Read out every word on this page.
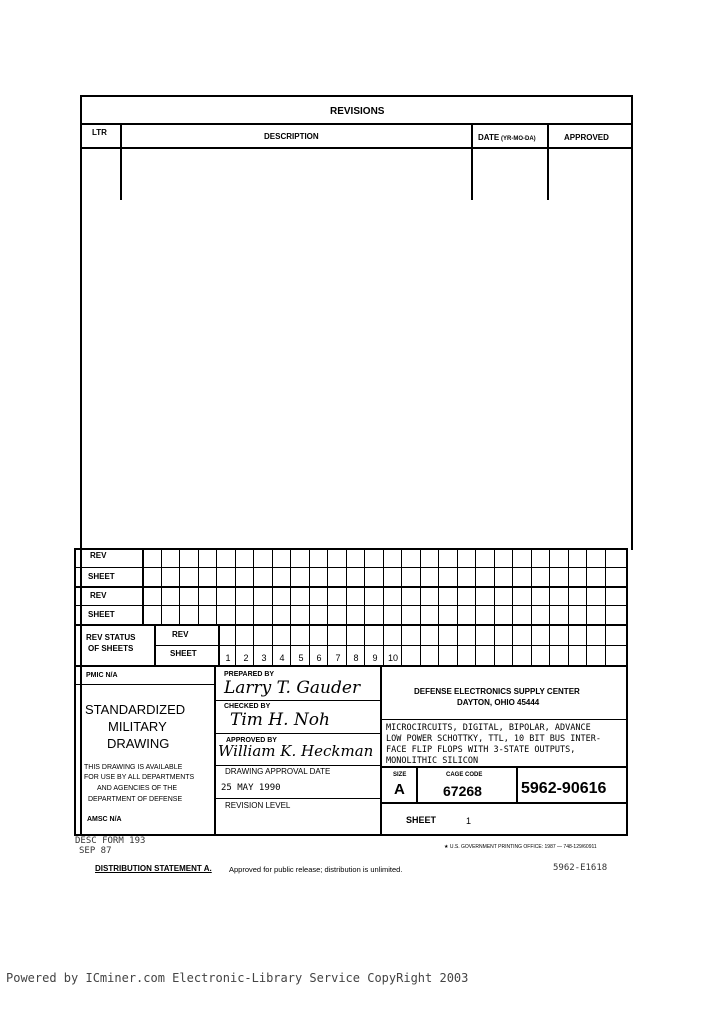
REVISIONS
LTR	DESCRIPTION	DATE (YR-MO-DA)	APPROVED
REV
SHEET
REV
SHEET
REV STATUS
OF SHEETS
REV
SHEET	1	2	3	4	5	6	7	8	9	10
PMIC N/A
STANDARDIZED
MILITARY
DRAWING
THIS DRAWING IS AVAILABLE
FOR USE BY ALL DEPARTMENTS
AND AGENCIES OF THE
DEPARTMENT OF DEFENSE
AMSC N/A
PREPARED BY
Larry T. Gauder
CHECKED BY
Tim H. Noh
APPROVED BY
William K. Heckman
DRAWING APPROVAL DATE
25 MAY 1990
REVISION LEVEL
DEFENSE ELECTRONICS SUPPLY CENTER
DAYTON, OHIO 45444
MICROCIRCUITS, DIGITAL, BIPOLAR, ADVANCE
LOW POWER SCHOTTKY, TTL, 10 BIT BUS INTER-
FACE FLIP FLOPS WITH 3-STATE OUTPUTS,
MONOLITHIC SILICON
SIZE
A
CAGE CODE
67268 5962-90616
SHEET	1
DESC FORM 193
SEP 87	★ U.S. GOVERNMENT PRINTING OFFICE: 1987 — 748-129/60911
DISTRIBUTION STATEMENT A. Approved for public release; distribution is unlimited.	5962-E1618
Powered by ICminer.com Electronic-Library Service CopyRight 2003
